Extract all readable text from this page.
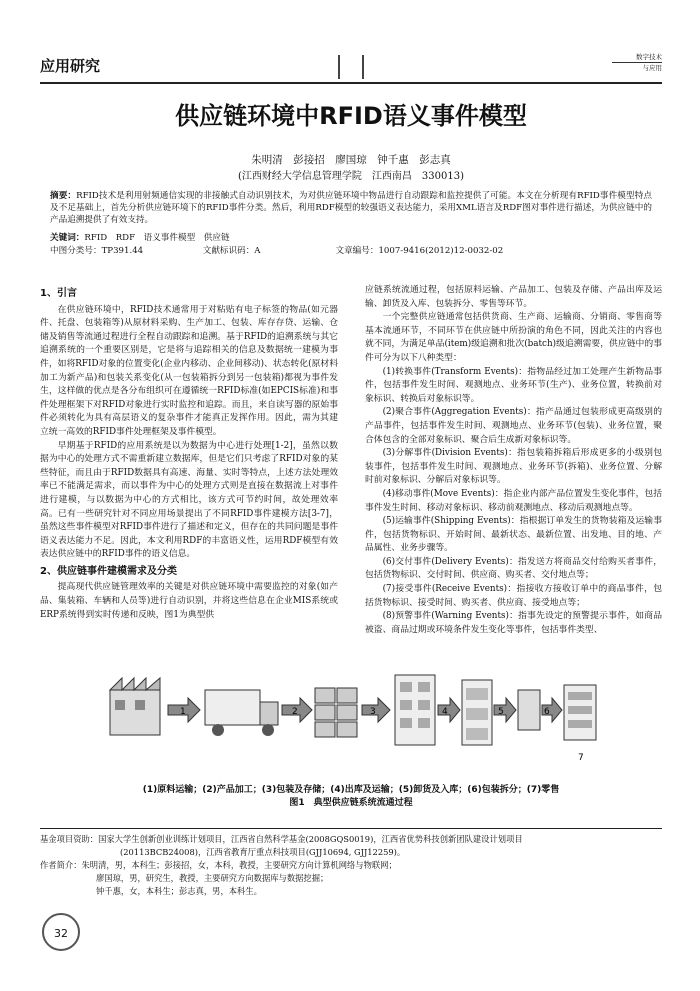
应用研究	数字技术
与应用
供应链环境中RFID语义事件模型
朱明清　彭接招　廖国琼　钟千惠　彭志真
(江西财经大学信息管理学院　江西南昌　330013)
摘要：RFID技术是利用射频通信实现的非接触式自动识别技术，为对供应链环境中物品进行自动跟踪和监控提供了可能。本文在分析现有RFID事件模型特点及不足基础上，首先分析供应链环境下的RFID事件分类。然后，利用RDF模型的较强语义表达能力，采用XML语言及RDF图对事件进行描述，为供应链中的产品追溯提供了有效支持。
关键词：RFID　RDF　语义事件模型　供应链
中图分类号：TP391.44	文献标识码：A	文章编号：1007-9416(2012)12-0032-02
1、引言

在供应链环境中，RFID技术通常用于对粘贴有电子标签的物品(如元器件、托盘、包装箱等)从原材料采购、生产加工、包装、库存存贷、运输、仓储及销售等流通过程进行全程自动跟踪和追溯。基于RFID的追溯系统与其它追溯系统的一个重要区别是，它是将与追踪相关的信息及数据统一建模为事件，如将RFID对象的位置变化(企业内移动、企业间移动)、状态转化(原材料加工为新产品)和包装关系变化(从一包装箱拆分到另一包装箱)都视为事件发生，这样做的优点是各分布组织可在遵循统一RFID标准(如EPCIS标准)和事件处理框架下对RFID对象进行实时监控和追踪。而且，来自读写器的原始事件必须转化为具有高层语义的复杂事件才能真正发挥作用。因此，需为其建立统一高效的RFID事件处理框架及事件模型。

早期基于RFID的应用系统是以为数据为中心进行处理[1-2]，虽然以数据为中心的处理方式不需重新建立数据库，但是它们只考虑了RFID对象的某些特征，而且由于RFID数据具有高速、海量、实时等特点，上述方法处理效率已不能满足需求，而以事件为中心的处理方式则是直接在数据流上对事件进行建模，与以数据为中心的方式相比，该方式可节约时间，故处理效率高。已有一些研究针对不同应用场景提出了不同RFID事件建模方法[3-7]，虽然这些事件模型对RFID事件进行了描述和定义，但存在的共同问题是事件语义表达能力不足。因此，本文利用RDF的丰富语义性，运用RDF模型有效表达供应链中的RFID事件的语义信息。

2、供应链事件建模需求及分类

提高现代供应链管理效率的关键是对供应链环境中需要监控的对象(如产品、集装箱、车辆和人员等)进行自动识别，并将这些信息在企业MIS系统或ERP系统得到实时传递和反映，图1为典型供

应链系统流通过程，包括原料运输、产品加工、包装及存储、产品出库及运输、卸货及入库、包装拆分、零售等环节。

一个完整供应链通常包括供货商、生产商、运输商、分销商、零售商等基本流通环节，不同环节在供应链中所扮演的角色不同，因此关注的内容也就不同，为满足单品(item)级追溯和批次(batch)级追溯需要，供应链中的事件可分为以下八种类型：

(1)转换事件(Transform Events)：指物品经过加工处理产生新物品事件，包括事件发生时间、观测地点、业务环节(生产)、业务位置，转换前对象标识、转换后对象标识等。

(2)聚合事件(Aggregation Events)：指产品通过包装形成更高级别的产品事件，包括事件发生时间、观测地点、业务环节(包装)、业务位置，聚合体包含的全部对象标识、聚合后生成新对象标识等。

(3)分解事件(Division Events)：指包装箱拆箱后形成更多的小级别包装事件，包括事件发生时间、观测地点、业务环节(拆箱)、业务位置、分解时前对象标识、分解后对象标识等。

(4)移动事件(Move Events)：指企业内部产品位置发生变化事件，包括事件发生时间、移动对象标识、移动前观测地点、移动后观测地点等。

(5)运输事件(Shipping Events)：指根据订单发生的货物装箱及运输事件，包括货物标识、开始时间、最新状态、最新位置、出发地、目的地、产品属性、业务步骤等。

(6)交付事件(Delivery Events)：指发送方将商品交付给购买者事件，包括货物标识、交付时间、供应商、购买者、交付地点等；

(7)接受事件(Receive Events)：指接收方接收订单中的商品事件，包括货物标识、接受时间、购买者、供应商、接受地点等；

(8)预警事件(Warning Events)：指事先设定的预警提示事件，如商品被盗、商品过期或环境条件发生变化等事件，包括事件类型、

1	2	3	4	5	6
7
(1)原料运输；(2)产品加工；(3)包装及存储；(4)出库及运输；(5)卸货及入库；(6)包装拆分；(7)零售
图1　典型供应链系统流通过程
基金项目资助：国家大学生创新创业训练计划项目，江西省自然科学基金(2008GQS0019)，江西省优势科技创新团队建设计划项目
(20113BCB24008)，江西省教育厅重点科技项目(GJJ10694, GJJ12259)。
作者简介：朱明清，男，本科生；彭接招，女，本科，教授，主要研究方向计算机网络与物联网；
廖国琼，男，研究生，教授，主要研究方向数据库与数据挖掘；
钟千惠，女，本科生；彭志真，男，本科生。
32
